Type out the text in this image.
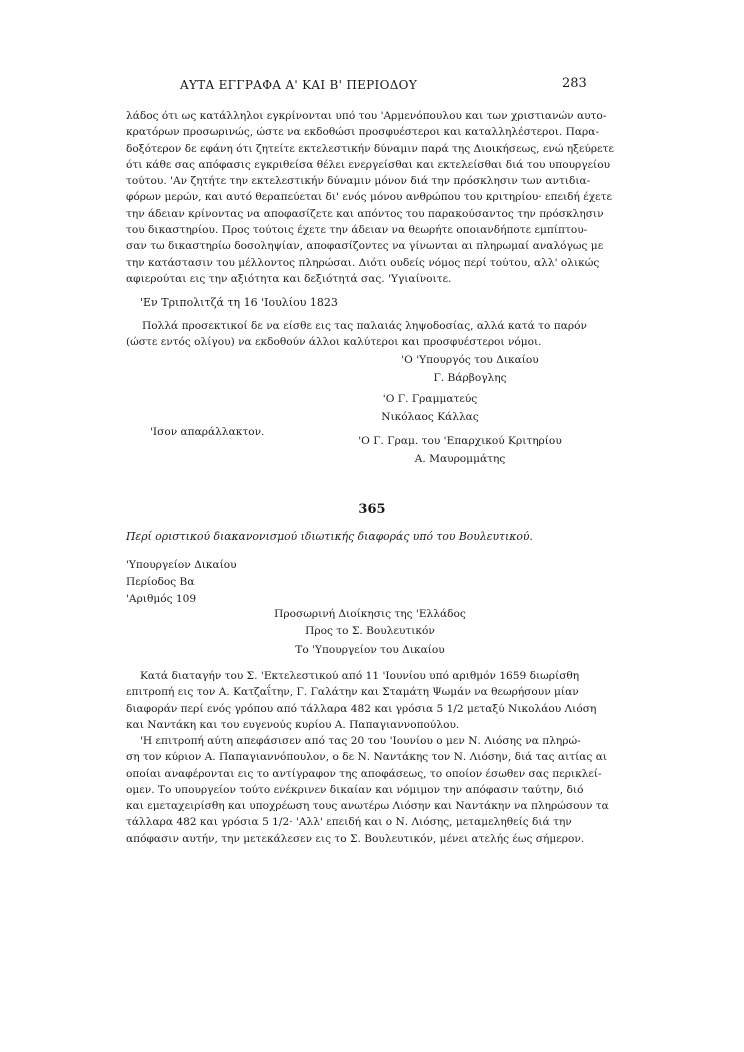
ΑΥΤΑ ΕΓΓΡΑΦΑ Α' ΚΑΙ Β' ΠΕΡΙΟΔΟΥ	283
λάδος ότι ως κατάλληλοι εγκρίνονται υπό του 'Αρμενόπουλου και των χριστιανών αυτο-
κρατόρων προσωρινώς, ώστε να εκδοθώσι προσφυέστεροι και καταλληλέστεροι. Παρα-
δοξότερον δε εφάνη ότι ζητείτε εκτελεστικήν δύναμιν παρά της Διοικήσεως, ενώ ηξεύρετε
ότι κάθε σας απόφασις εγκριθείσα θέλει ενεργείσθαι και εκτελείσθαι διά του υπουργείου
τούτου. 'Αν ζητήτε την εκτελεστικήν δύναμιν μόνον διά την πρόσκλησιν των αντιδια-
φόρων μερών, και αυτό θεραπεύεται δι' ενός μόνου ανθρώπου του κριτηρίου· επειδή έχετε
την άδειαν κρίνοντας να αποφασίζετε και απόντος του παρακούσαντος την πρόσκλησιν
του δικαστηρίου. Προς τούτοις έχετε την άδειαν να θεωρήτε οποιανδήποτε εμπίπτου-
σαν τω δικαστηρίω δοσοληψίαν, αποφασίζοντες να γίνωνται αι πληρωμαί αναλόγως με
την κατάστασιν του μέλλοντος πληρώσαι. Διότι ουδείς νόμος περί τούτου, αλλ' ολικώς
αφιερούται εις την αξιότητα και δεξιότητά σας. 'Υγιαίνοιτε.
'Εν Τριπολιτζά τη 16 'Ιουλίου 1823
Πολλά προσεκτικοί δε να είσθε εις τας παλαιάς ληψοδοσίας, αλλά κατά το παρόν
(ώστε εντός ολίγου) να εκδοθούν άλλοι καλύτεροι και προσφυέστεροι νόμοι.
'Ο 'Υπουργός του Δικαίου
Γ. Βάρβογλης
'Ο Γ. Γραμματεύς
Νικόλαος Κάλλας
'Ισον απαράλλακτον.
'Ο Γ. Γραμ. του 'Επαρχικού Κριτηρίου
Α. Μαυρομμάτης
365
Περί οριστικού διακανονισμού ιδιωτικής διαφοράς υπό του Βουλευτικού.
'Υπουργείον Δικαίου
Περίοδος Βα
'Αριθμός 109
Προσωρινή Διοίκησις της 'Ελλάδος
Προς το Σ. Βουλευτικόν
Το 'Υπουργείον του Δικαίου
Κατά διαταγήν του Σ. 'Εκτελεστικού από 11 'Ιουνίου υπό αριθμόν 1659 διωρίσθη
επιτροπή εις τον Α. Κατζαΐτην, Γ. Γαλάτην και Σταμάτη Ψωμάν να θεωρήσουν μίαν
διαφοράν περί ενός γρόπου από τάλλαρα 482 και γρόσια 5 1/2 μεταξύ Νικολάου Λιόση
και Ναντάκη και του ευγενούς κυρίου Α. Παπαγιαννοπούλου.
'Η επιτροπή αύτη απεφάσισεν από τας 20 του 'Ιουνίου ο μεν Ν. Λιόσης να πληρώ-
ση τον κύριον Α. Παπαγιαννόπουλον, ο δε Ν. Ναντάκης τον Ν. Λιόσην, διά τας αιτίας αι
οποίαι αναφέρονται εις το αντίγραφον της αποφάσεως, το οποίον έσωθεν σας περικλεί-
ομεν. Το υπουργείον τούτο ενέκρινεν δικαίαν και νόμιμον την απόφασιν ταύτην, διό
και εμεταχειρίσθη και υποχρέωση τους ανωτέρω Λιόσην και Ναντάκην να πληρώσουν τα
τάλλαρα 482 και γρόσια 5 1/2· 'Αλλ' επειδή και ο Ν. Λιόσης, μεταμεληθείς διά την
απόφασιν αυτήν, την μετεκάλεσεν εις το Σ. Βουλευτικόν, μένει ατελής έως σήμερον.
